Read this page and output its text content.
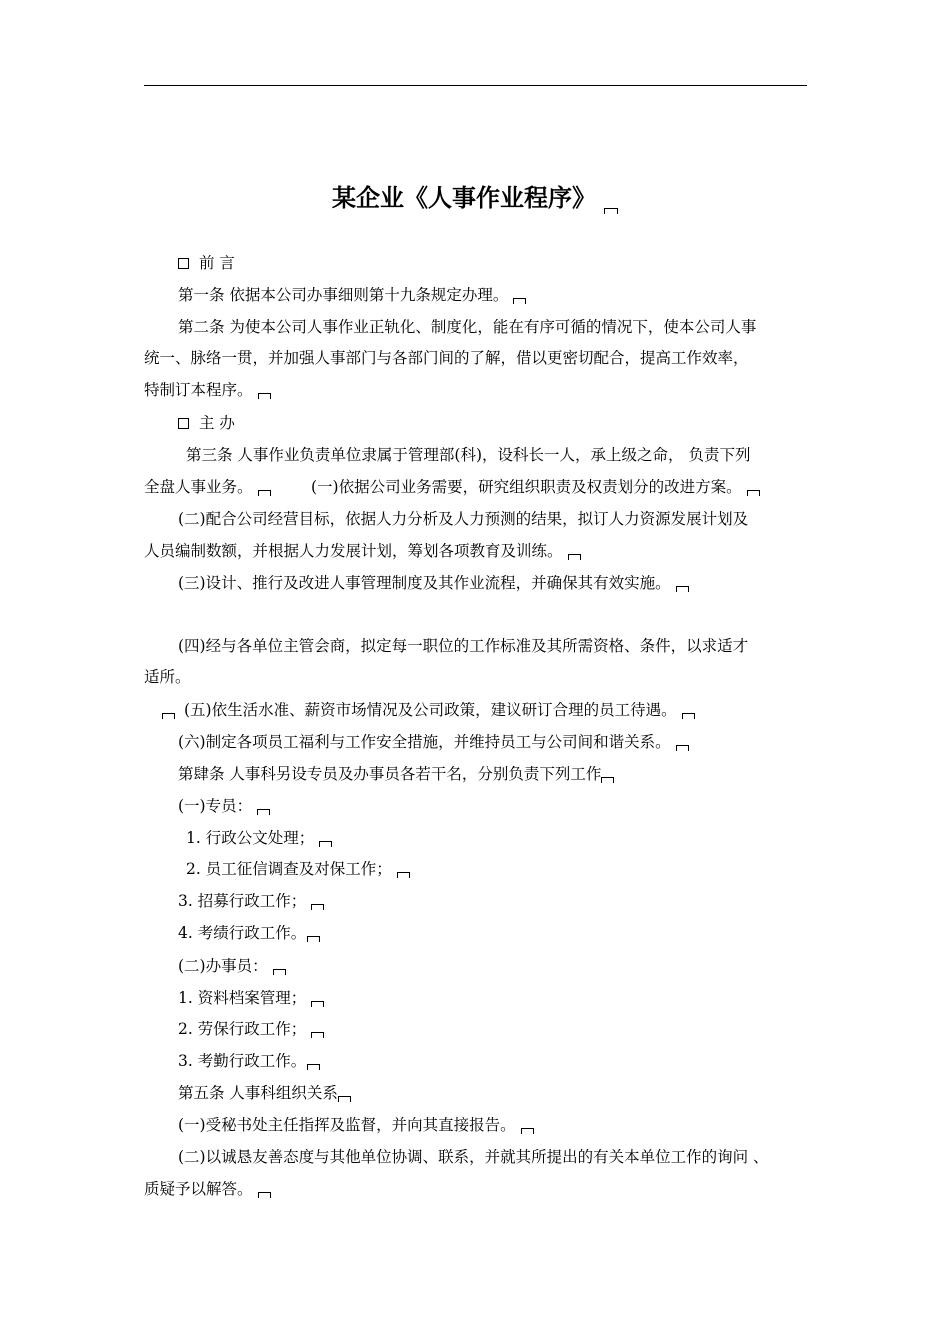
某企业《人事作业程序》
前 言
第一条 依据本公司办事细则第十九条规定办理。
第二条 为使本公司人事作业正轨化、制度化，能在有序可循的情况下，使本公司人事
统一、脉络一贯，并加强人事部门与各部门间的了解，借以更密切配合，提高工作效率，
特制订本程序。
主 办
第三条 人事作业负责单位隶属于管理部(科)，设科长一人，承上级之命， 负责下列
全盘人事业务。	(一)依据公司业务需要，研究组织职责及权责划分的改进方案。
(二)配合公司经营目标，依据人力分析及人力预测的结果，拟订人力资源发展计划及
人员编制数额，并根据人力发展计划，筹划各项教育及训练。
(三)设计、推行及改进人事管理制度及其作业流程，并确保其有效实施。
(四)经与各单位主管会商，拟定每一职位的工作标准及其所需资格、条件，以求适才
适所。
(五)依生活水准、薪资市场情况及公司政策，建议研订合理的员工待遇。
(六)制定各项员工福利与工作安全措施，并维持员工与公司间和谐关系。
第肆条 人事科另设专员及办事员各若干名，分别负责下列工作
(一)专员：
1. 行政公文处理；
2. 员工征信调查及对保工作；
3. 招募行政工作；
4. 考绩行政工作。
(二)办事员：
1. 资料档案管理；
2. 劳保行政工作；
3. 考勤行政工作。
第五条 人事科组织关系
(一)受秘书处主任指挥及监督，并向其直接报告。
(二)以诚恳友善态度与其他单位协调、联系，并就其所提出的有关本单位工作的询问 、
质疑予以解答。
